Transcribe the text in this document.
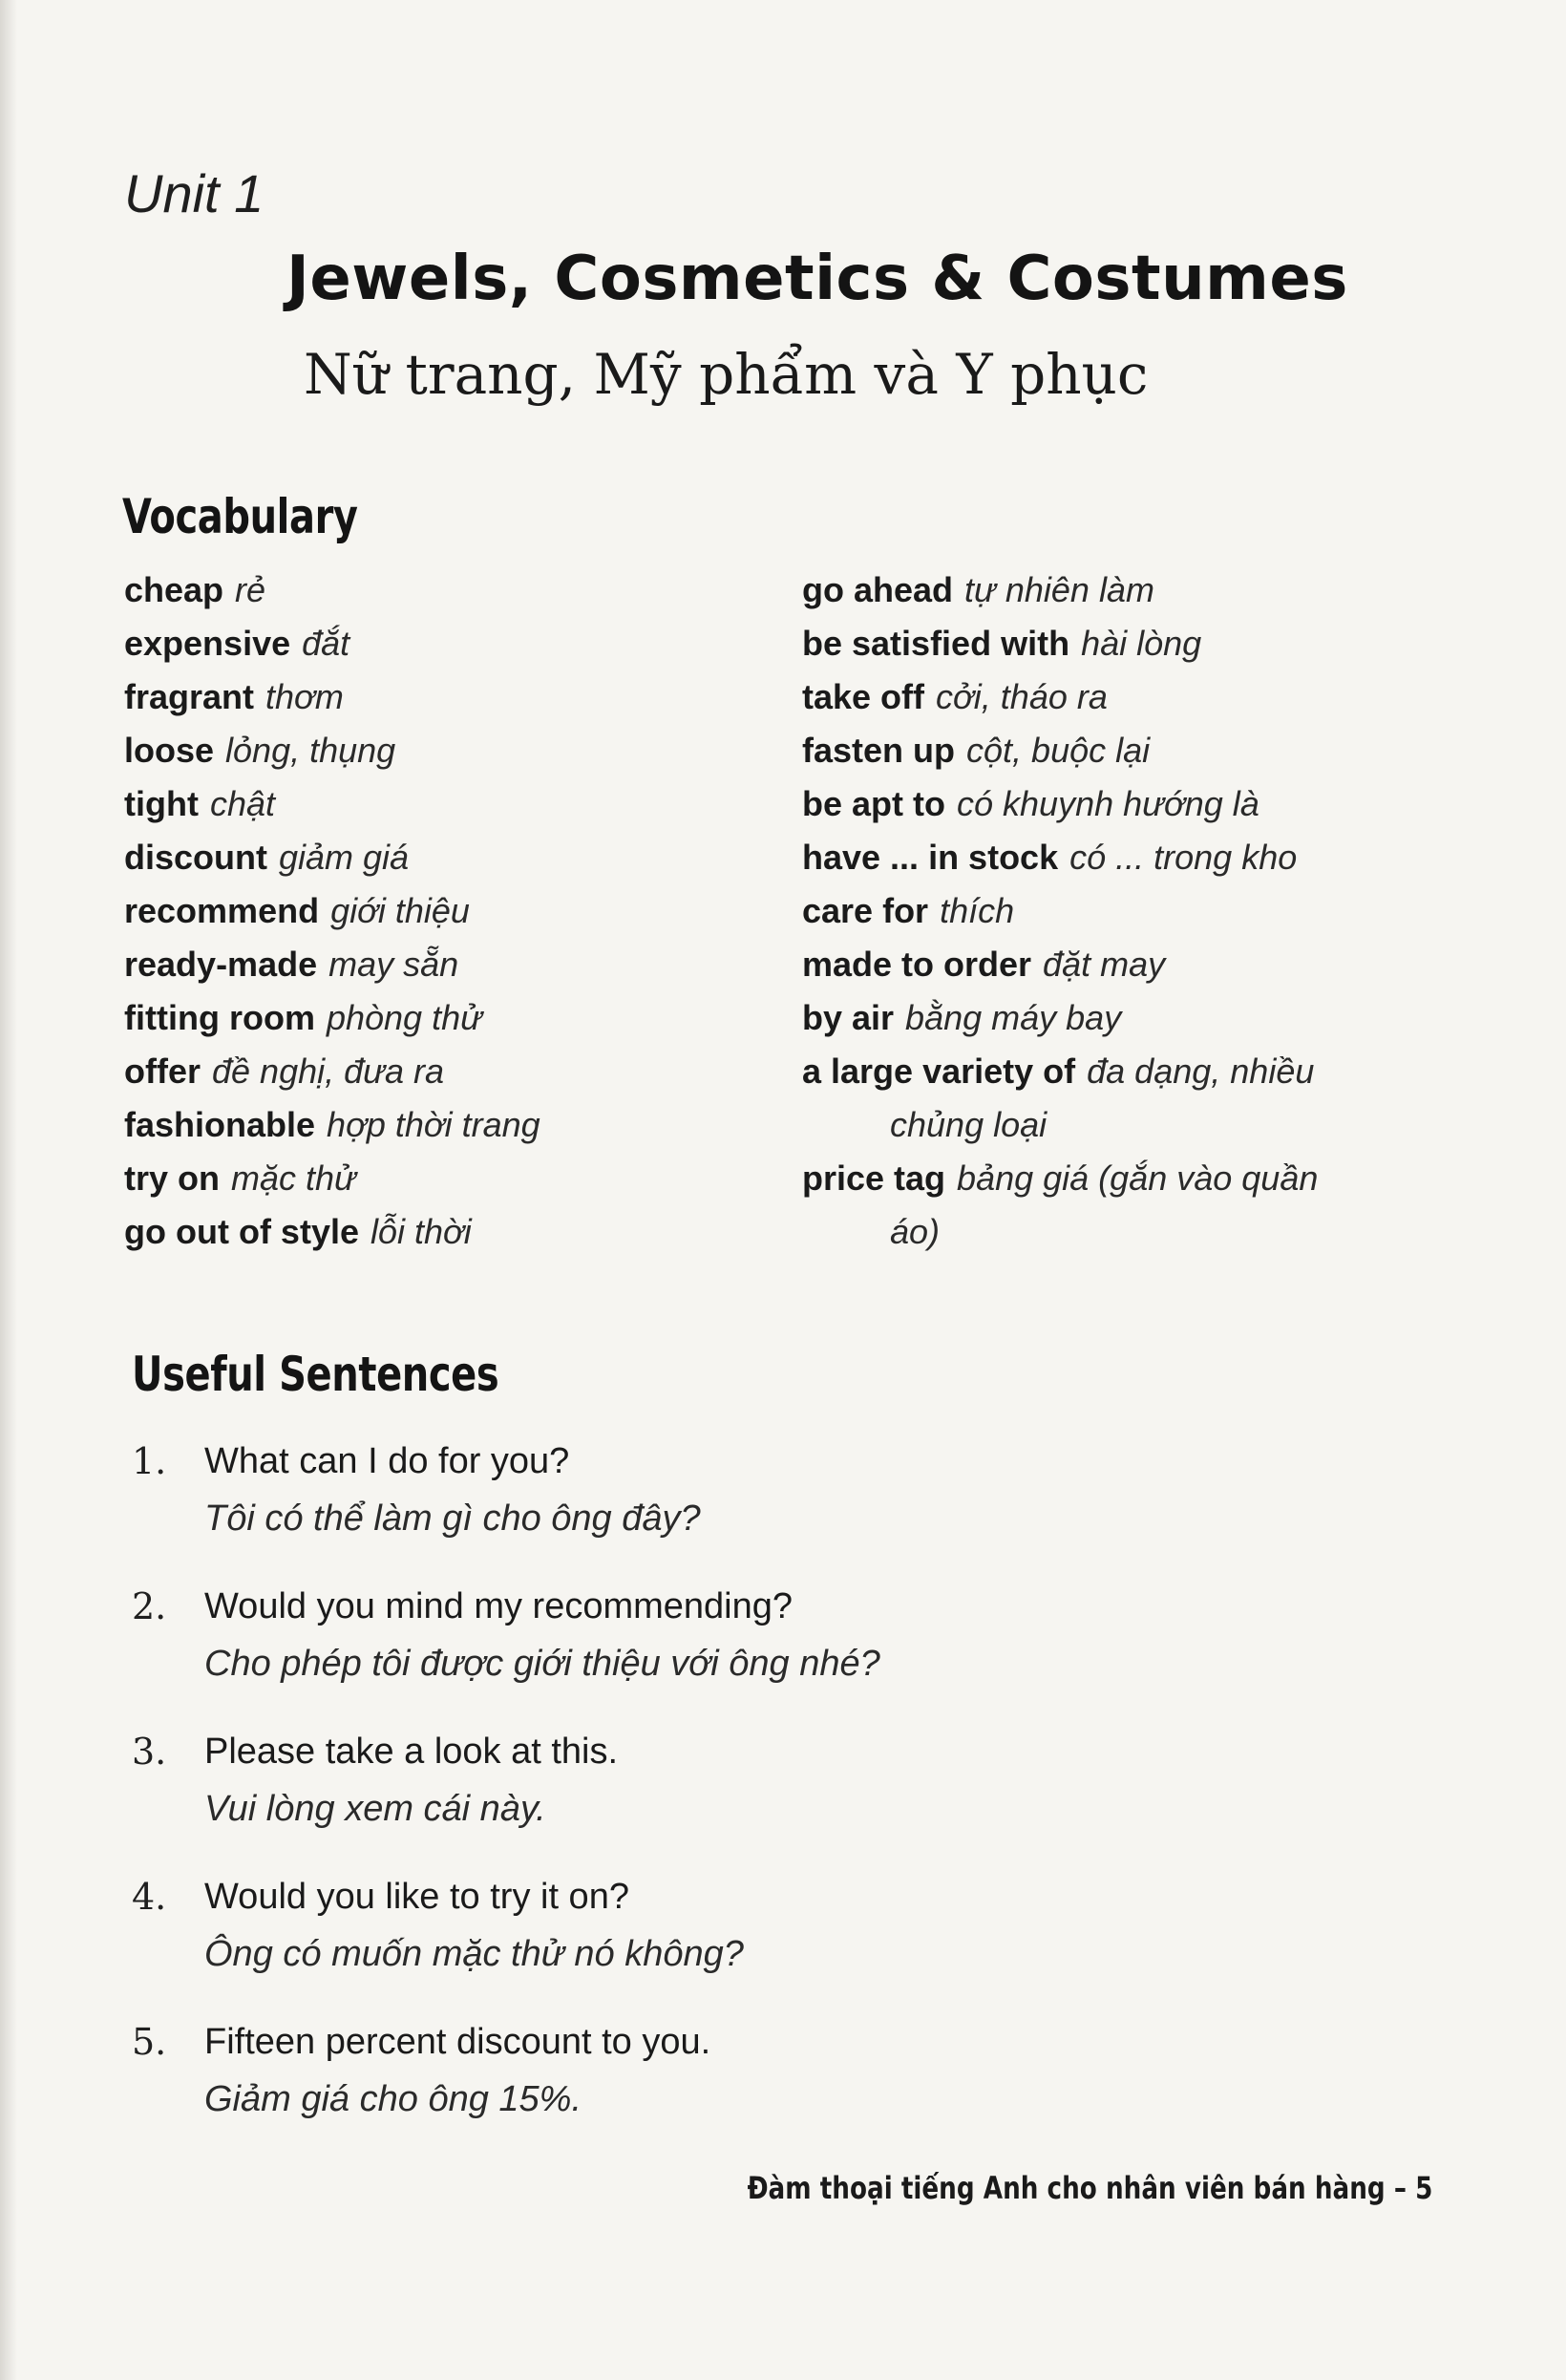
Unit 1
Jewels, Cosmetics & Costumes
Nữ trang, Mỹ phẩm và Y phục
Vocabulary
cheap rẻ
expensive đắt
fragrant thơm
loose lỏng, thụng
tight chật
discount giảm giá
recommend giới thiệu
ready-made may sẵn
fitting room phòng thử
offer đề nghị, đưa ra
fashionable hợp thời trang
try on mặc thử
go out of style lỗi thời
go ahead tự nhiên làm
be satisfied with hài lòng
take off cởi, tháo ra
fasten up cột, buộc lại
be apt to có khuynh hướng là
have ... in stock có ... trong kho
care for thích
made to order đặt may
by air bằng máy bay
a large variety of đa dạng, nhiều
chủng loại
price tag bảng giá (gắn vào quần
áo)
Useful Sentences
1. What can I do for you?
Tôi có thể làm gì cho ông đây?
2. Would you mind my recommending?
Cho phép tôi được giới thiệu với ông nhé?
3. Please take a look at this.
Vui lòng xem cái này.
4. Would you like to try it on?
Ông có muốn mặc thử nó không?
5. Fifteen percent discount to you.
Giảm giá cho ông 15%.
Đàm thoại tiếng Anh cho nhân viên bán hàng – 5
